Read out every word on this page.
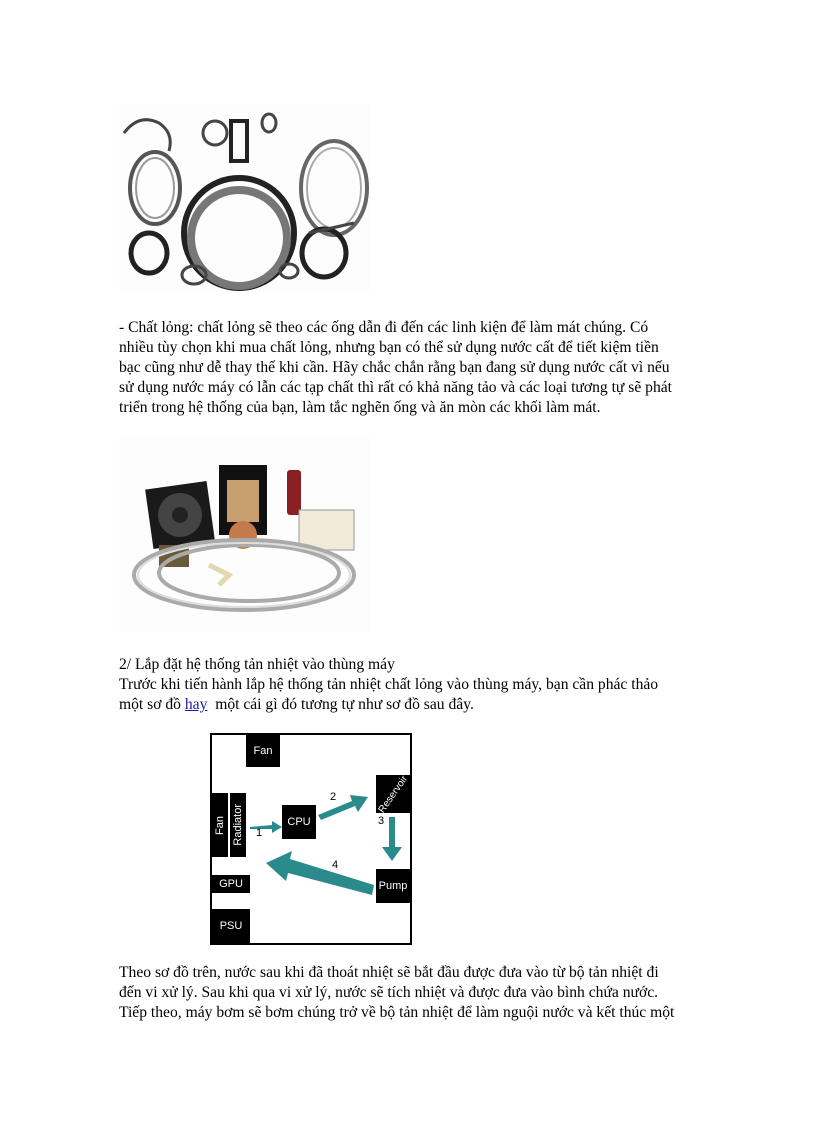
- Chất lỏng: chất lỏng sẽ theo các ống dẫn đi đến các linh kiện để làm mát chúng. Có
nhiều tùy chọn khi mua chất lỏng, nhưng bạn có thể sử dụng nước cất để tiết kiệm tiền
bạc cũng như dễ thay thế khi cần. Hãy chắc chắn rằng bạn đang sử dụng nước cất vì nếu
sử dụng nước máy có lẫn các tạp chất thì rất có khả năng tảo và các loại tương tự sẽ phát
triển trong hệ thống của bạn, làm tắc nghẽn ống và ăn mòn các khối làm mát.
2/ Lắp đặt hệ thống tản nhiệt vào thùng máy
Trước khi tiến hành lắp hệ thống tản nhiệt chất lỏng vào thùng máy, bạn cần phác thảo
một sơ đồ hay  một cái gì đó tương tự như sơ đồ sau đây.
Fan
Fan Radiator	CPU
Reservoir
GPU	Pump
PSU
1
2
3
4
Theo sơ đồ trên, nước sau khi đã thoát nhiệt sẽ bắt đầu được đưa vào từ bộ tản nhiệt đi
đến vi xử lý. Sau khi qua vi xử lý, nước sẽ tích nhiệt và được đưa vào bình chứa nước.
Tiếp theo, máy bơm sẽ bơm chúng trở về bộ tản nhiệt để làm nguội nước và kết thúc một
